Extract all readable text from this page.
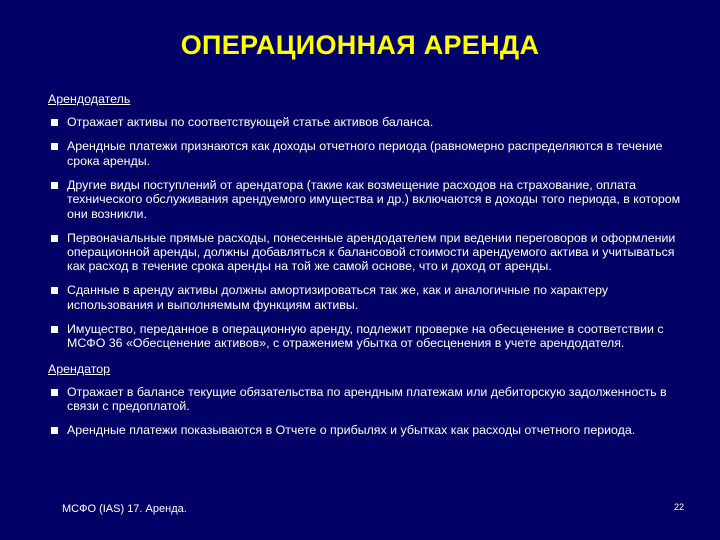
ОПЕРАЦИОННАЯ АРЕНДА
Арендодатель
Отражает активы по соответствующей статье активов баланса.
Арендные платежи признаются как доходы отчетного периода (равномерно распределяются в течение срока аренды.
Другие виды поступлений от арендатора (такие как возмещение расходов на страхование, оплата технического обслуживания арендуемого имущества и др.) включаются в доходы того периода, в котором они возникли.
Первоначальные прямые расходы, понесенные арендодателем при ведении переговоров и оформлении операционной аренды, должны добавляться к балансовой стоимости арендуемого актива и учитываться как расход в течение срока аренды на той же самой основе, что и доход от аренды.
Сданные в аренду активы должны амортизироваться так же, как и аналогичные по характеру использования и выполняемым функциям активы.
Имущество, переданное в операционную аренду, подлежит проверке на обесценение в соответствии с МСФО 36 «Обесценение активов», с отражением убытка от обесценения в учете арендодателя.
Арендатор
Отражает в балансе текущие обязательства по арендным платежам или дебиторскую задолженность в связи с предоплатой.
Арендные платежи показываются в Отчете о прибылях и убытках как расходы отчетного периода.
МСФО (IAS) 17. Аренда.	22
